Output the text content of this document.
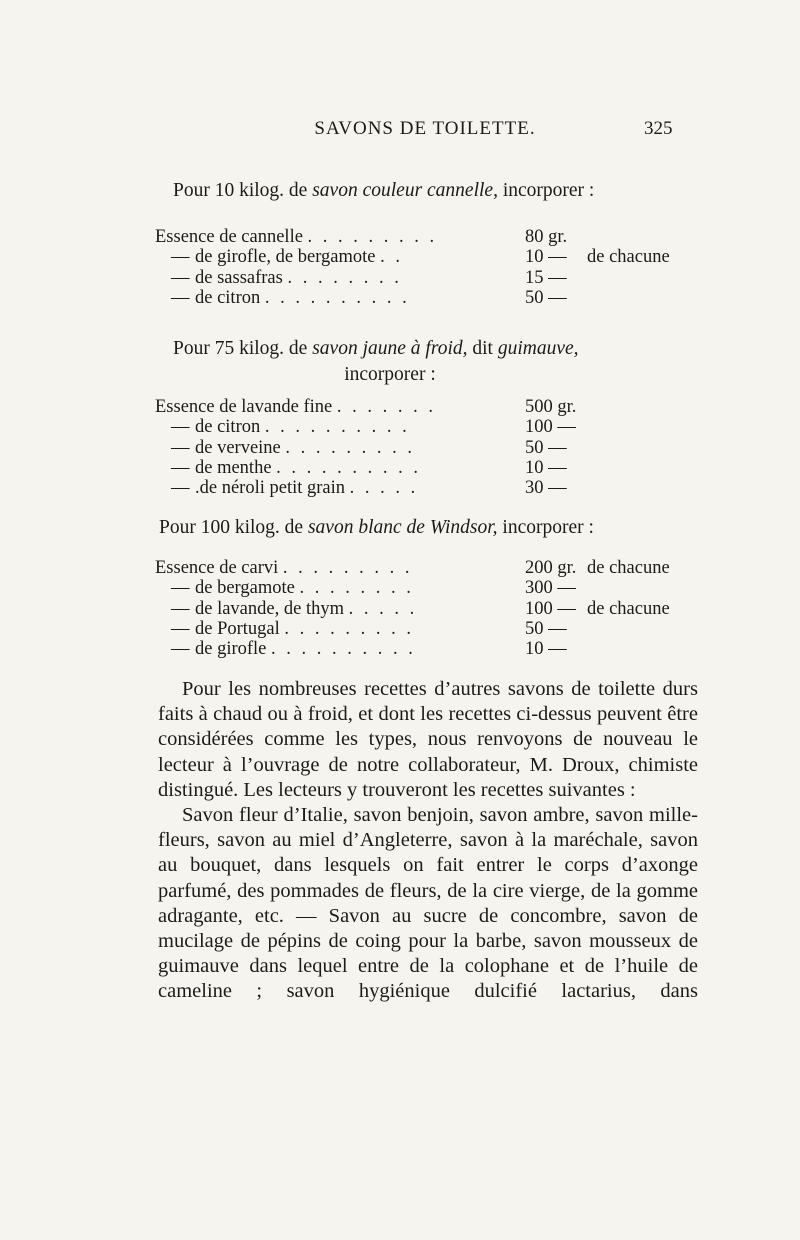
SAVONS DE TOILETTE.	325
Pour 10 kilog. de savon couleur cannelle, incorporer :
Essence de cannelle . . . . . . . . .	80 gr.
— de girofle, de bergamote . .	10 — de chacune
— de sassafras . . . . . . . .	15 —
— de citron . . . . . . . . . .	50 —
Pour 75 kilog. de savon jaune à froid, dit guimauve,
incorporer :
Essence de lavande fine . . . . . . .	500 gr.
— de citron . . . . . . . . . .	100 —
— de verveine . . . . . . . . .	50 —
— de menthe . . . . . . . . . .	10 —
— .de néroli petit grain . . . . .	30 —
Pour 100 kilog. de savon blanc de Windsor, incorporer :
Essence de carvi . . . . . . . . .	200 gr. de chacune
— de bergamote . . . . . . . .	300 —
— de lavande, de thym . . . . .	100 — de chacune
— de Portugal . . . . . . . . .	50 —
— de girofle . . . . . . . . . .	10 —

Pour les nombreuses recettes d’autres savons de toilette durs faits à chaud ou à froid, et dont les recettes ci-dessus peuvent être considérées comme les types, nous renvoyons de nouveau le lecteur à l’ouvrage de notre collaborateur, M. Droux, chimiste distingué. Les lecteurs y trouveront les recettes suivantes :

Savon fleur d’Italie, savon benjoin, savon ambre, savon mille-fleurs, savon au miel d’Angleterre, savon à la maréchale, savon au bouquet, dans lesquels on fait entrer le corps d’axonge parfumé, des pommades de fleurs, de la cire vierge, de la gomme adragante, etc. — Savon au sucre de concombre, savon de mucilage de pépins de coing pour la barbe, savon mousseux de guimauve dans lequel entre de la colophane et de l’huile de cameline ; savon hygiénique dulcifié lactarius, dans
